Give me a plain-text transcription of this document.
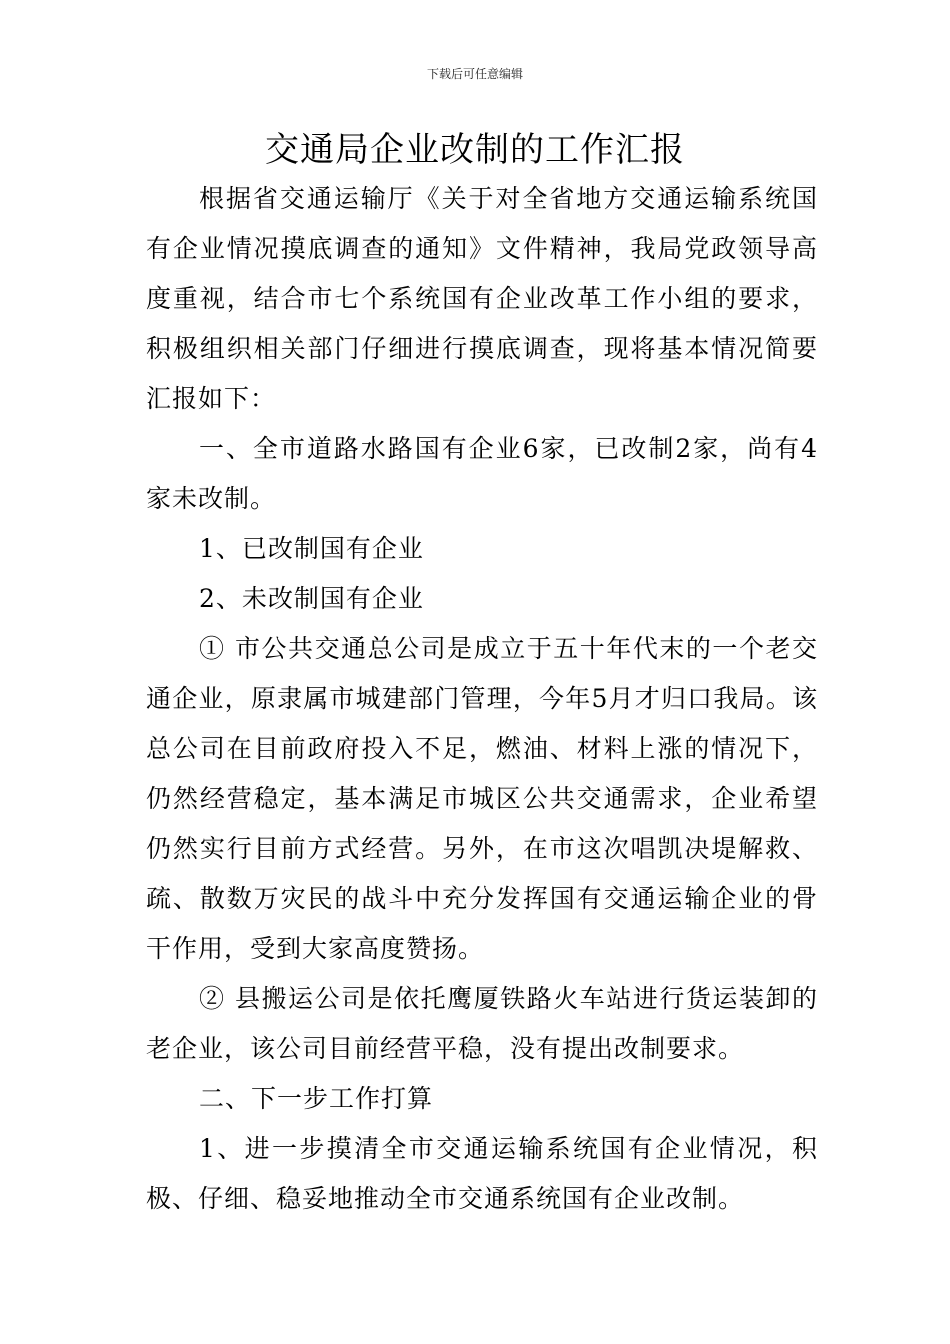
下载后可任意编辑
交通局企业改制的工作汇报

根据省交通运输厅《关于对全省地方交通运输系统国有企业情况摸底调查的通知》文件精神，我局党政领导高度重视，结合市七个系统国有企业改革工作小组的要求，积极组织相关部门仔细进行摸底调查，现将基本情况简要汇报如下：

一、全市道路水路国有企业6家，已改制2家，尚有4家未改制。

1、已改制国有企业

2、未改制国有企业

① 市公共交通总公司是成立于五十年代末的一个老交通企业，原隶属市城建部门管理，今年5月才归口我局。该总公司在目前政府投入不足，燃油、材料上涨的情况下，仍然经营稳定，基本满足市城区公共交通需求，企业希望仍然实行目前方式经营。另外，在市这次唱凯决堤解救、疏、散数万灾民的战斗中充分发挥国有交通运输企业的骨干作用，受到大家高度赞扬。

② 县搬运公司是依托鹰厦铁路火车站进行货运装卸的老企业，该公司目前经营平稳，没有提出改制要求。

二、下一步工作打算

1、进一步摸清全市交通运输系统国有企业情况，积极、仔细、稳妥地推动全市交通系统国有企业改制。
